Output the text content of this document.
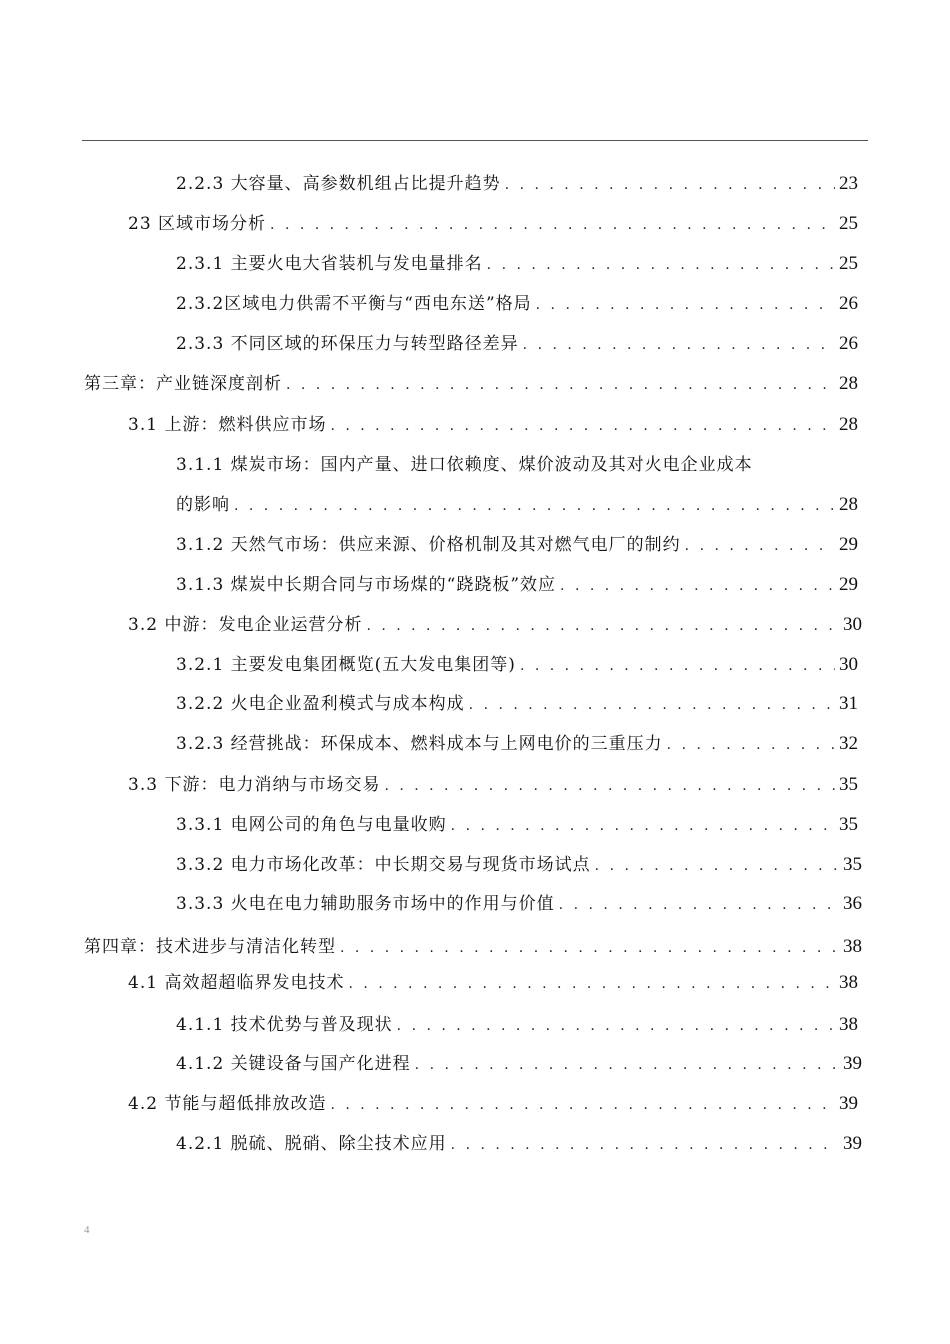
2.2.3 大容量、高参数机组占比提升趋势 . . .	23
23 区域市场分析 . . .	25
2.3.1 主要火电大省装机与发电量排名 . . .	25
2.3.2区域电力供需不平衡与“西电东送”格局 . . .	26
2.3.3 不同区域的环保压力与转型路径差异 . . .	26
第三章：产业链深度剖析 . . .	28
3.1 上游：燃料供应市场 . . .	28
3.1.1 煤炭市场：国内产量、进口依赖度、煤价波动及其对火电企业成本
的影响 . . .	28
3.1.2 天然气市场：供应来源、价格机制及其对燃气电厂的制约 . . .	29
3.1.3 煤炭中长期合同与市场煤的“跷跷板”效应 . . .	29
3.2 中游：发电企业运营分析 . . .	30
3.2.1 主要发电集团概览(五大发电集团等) . . .	30
3.2.2 火电企业盈利模式与成本构成 . . .	31
3.2.3 经营挑战：环保成本、燃料成本与上网电价的三重压力 . . .	32
3.3 下游：电力消纳与市场交易 . . .	35
3.3.1 电网公司的角色与电量收购 . . .	35
3.3.2 电力市场化改革：中长期交易与现货市场试点 . . .	35
3.3.3 火电在电力辅助服务市场中的作用与价值 . . .	36
第四章：技术进步与清洁化转型 . . .	38
4.1 高效超超临界发电技术 . . .	38
4.1.1 技术优势与普及现状 . . .	38
4.1.2 关键设备与国产化进程 . . .	39
4.2 节能与超低排放改造 . . .	39
4.2.1 脱硫、脱硝、除尘技术应用 . . .	39
4
